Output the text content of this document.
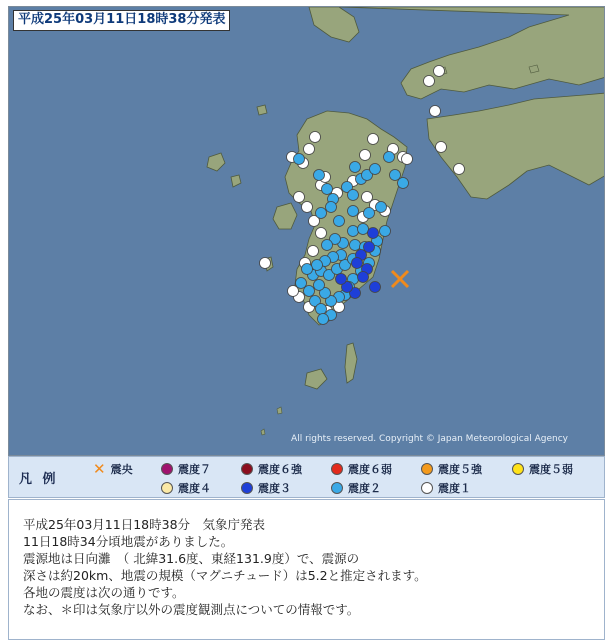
平成25年03月11日18時38分発表
All rights reserved. Copyright © Japan Meteorological Agency
凡 例
✕ 震央	震度７	震度６強	震度６弱	震度５強	震度５弱
震度４	震度３	震度２	震度１
平成25年03月11日18時38分　気象庁発表
11日18時34分頃地震がありました。
震源地は日向灘　（ 北緯31.6度、東経131.9度）で、震源の
深さは約20km、地震の規模（マグニチュード）は5.2と推定されます。
各地の震度は次の通りです。
なお、＊印は気象庁以外の震度観測点についての情報です。
